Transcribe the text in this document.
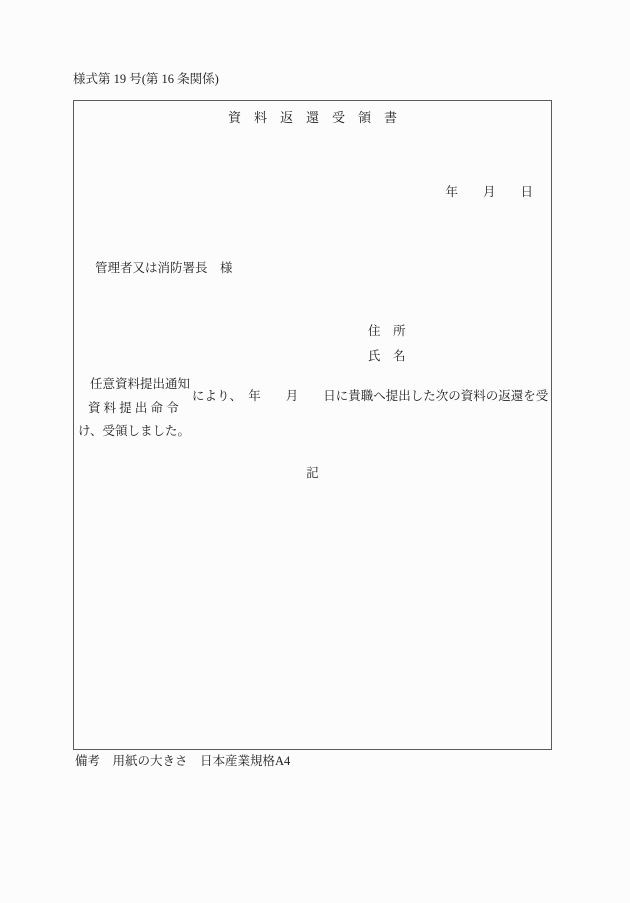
様式第 19 号(第 16 条関係)
資　料　返　還　受　領　書
年　　月　　日
管理者又は消防署長　様
住　所
氏　名
任意資料提出通知
資 料 提 出 命 令
により、　年　　月　　日に貴職へ提出した次の資料の返還を受
け、受領しました。
記
備考　用紙の大きさ　日本産業規格A4
